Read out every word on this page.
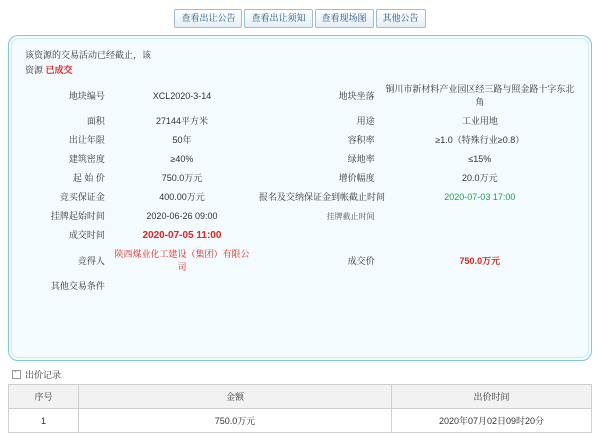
查看出让公告	查看出让须知	查看现场图	其他公告
该资源的交易活动已经截止，该
资源 已成交
地块编号	XCL2020-3-14	地块坐落	铜川市新材料产业园区经三路与照金路十字东北角
面积	27144平方米	用途	工业用地
出让年限	50年	容积率	≥1.0（特殊行业≥0.8）
建筑密度	≥40%	绿地率	≤15%
起 始 价	750.0万元	增价幅度	20.0万元
竞买保证金	400.00万元	报名及交纳保证金到帐截止时间	2020-07-03 17:00
挂牌起始时间	2020-06-26 09:00	挂牌截止时间	
成交时间	2020-07-05 11:00		
竞得人	陕西煤业化工建设（集团）有限公司	成交价	750.0万元
其他交易条件			
-出价记录
序号	金额	出价时间
1	750.0万元	2020年07月02日09时20分
